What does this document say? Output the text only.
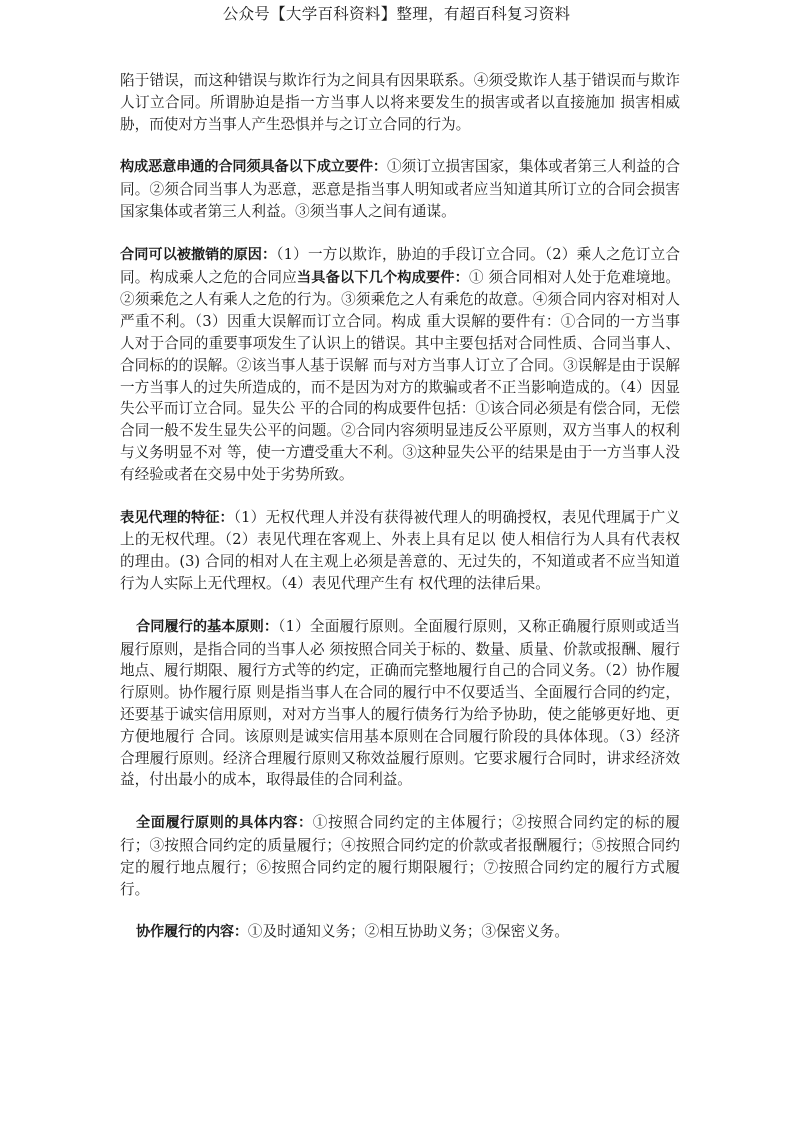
公众号【大学百科资料】整理，有超百科复习资料

陷于错误，而这种错误与欺诈行为之间具有因果联系。④须受欺诈人基于错误而与欺诈人订立合同。所谓胁迫是指一方当事人以将来要发生的损害或者以直接施加 损害相威胁，而使对方当事人产生恐惧并与之订立合同的行为。

构成恶意串通的合同须具备以下成立要件：①须订立损害国家，集体或者第三人利益的合同。②须合同当事人为恶意，恶意是指当事人明知或者应当知道其所订立的合同会损害国家集体或者第三人利益。③须当事人之间有通谋。

合同可以被撤销的原因：（1）一方以欺诈，胁迫的手段订立合同。（2）乘人之危订立合同。构成乘人之危的合同应当具备以下几个构成要件：① 须合同相对人处于危难境地。②须乘危之人有乘人之危的行为。③须乘危之人有乘危的故意。④须合同内容对相对人严重不利。（3）因重大误解而订立合同。构成 重大误解的要件有：①合同的一方当事人对于合同的重要事项发生了认识上的错误。其中主要包括对合同性质、合同当事人、合同标的的误解。②该当事人基于误解 而与对方当事人订立了合同。③误解是由于误解一方当事人的过失所造成的，而不是因为对方的欺骗或者不正当影响造成的。（4）因显失公平而订立合同。显失公 平的合同的构成要件包括：①该合同必须是有偿合同，无偿合同一般不发生显失公平的问题。②合同内容须明显违反公平原则，双方当事人的权利与义务明显不对 等，使一方遭受重大不利。③这种显失公平的结果是由于一方当事人没有经验或者在交易中处于劣势所致。

表见代理的特征：（1）无权代理人并没有获得被代理人的明确授权，表见代理属于广义上的无权代理。（2）表见代理在客观上、外表上具有足以 使人相信行为人具有代表权的理由。(3) 合同的相对人在主观上必须是善意的、无过失的，不知道或者不应当知道行为人实际上无代理权。（4）表见代理产生有 权代理的法律后果。

合同履行的基本原则：（1）全面履行原则。全面履行原则，又称正确履行原则或适当履行原则，是指合同的当事人必 须按照合同关于标的、数量、质量、价款或报酬、履行地点、履行期限、履行方式等的约定，正确而完整地履行自己的合同义务。（2）协作履行原则。协作履行原 则是指当事人在合同的履行中不仅要适当、全面履行合同的约定，还要基于诚实信用原则，对对方当事人的履行债务行为给予协助，使之能够更好地、更方便地履行 合同。该原则是诚实信用基本原则在合同履行阶段的具体体现。（3）经济合理履行原则。经济合理履行原则又称效益履行原则。它要求履行合同时，讲求经济效 益，付出最小的成本，取得最佳的合同利益。

全面履行原则的具体内容：①按照合同约定的主体履行；②按照合同约定的标的履行；③按照合同约定的质量履行；④按照合同约定的价款或者报酬履行；⑤按照合同约定的履行地点履行；⑥按照合同约定的履行期限履行；⑦按照合同约定的履行方式履行。

协作履行的内容：①及时通知义务；②相互协助义务；③保密义务。
